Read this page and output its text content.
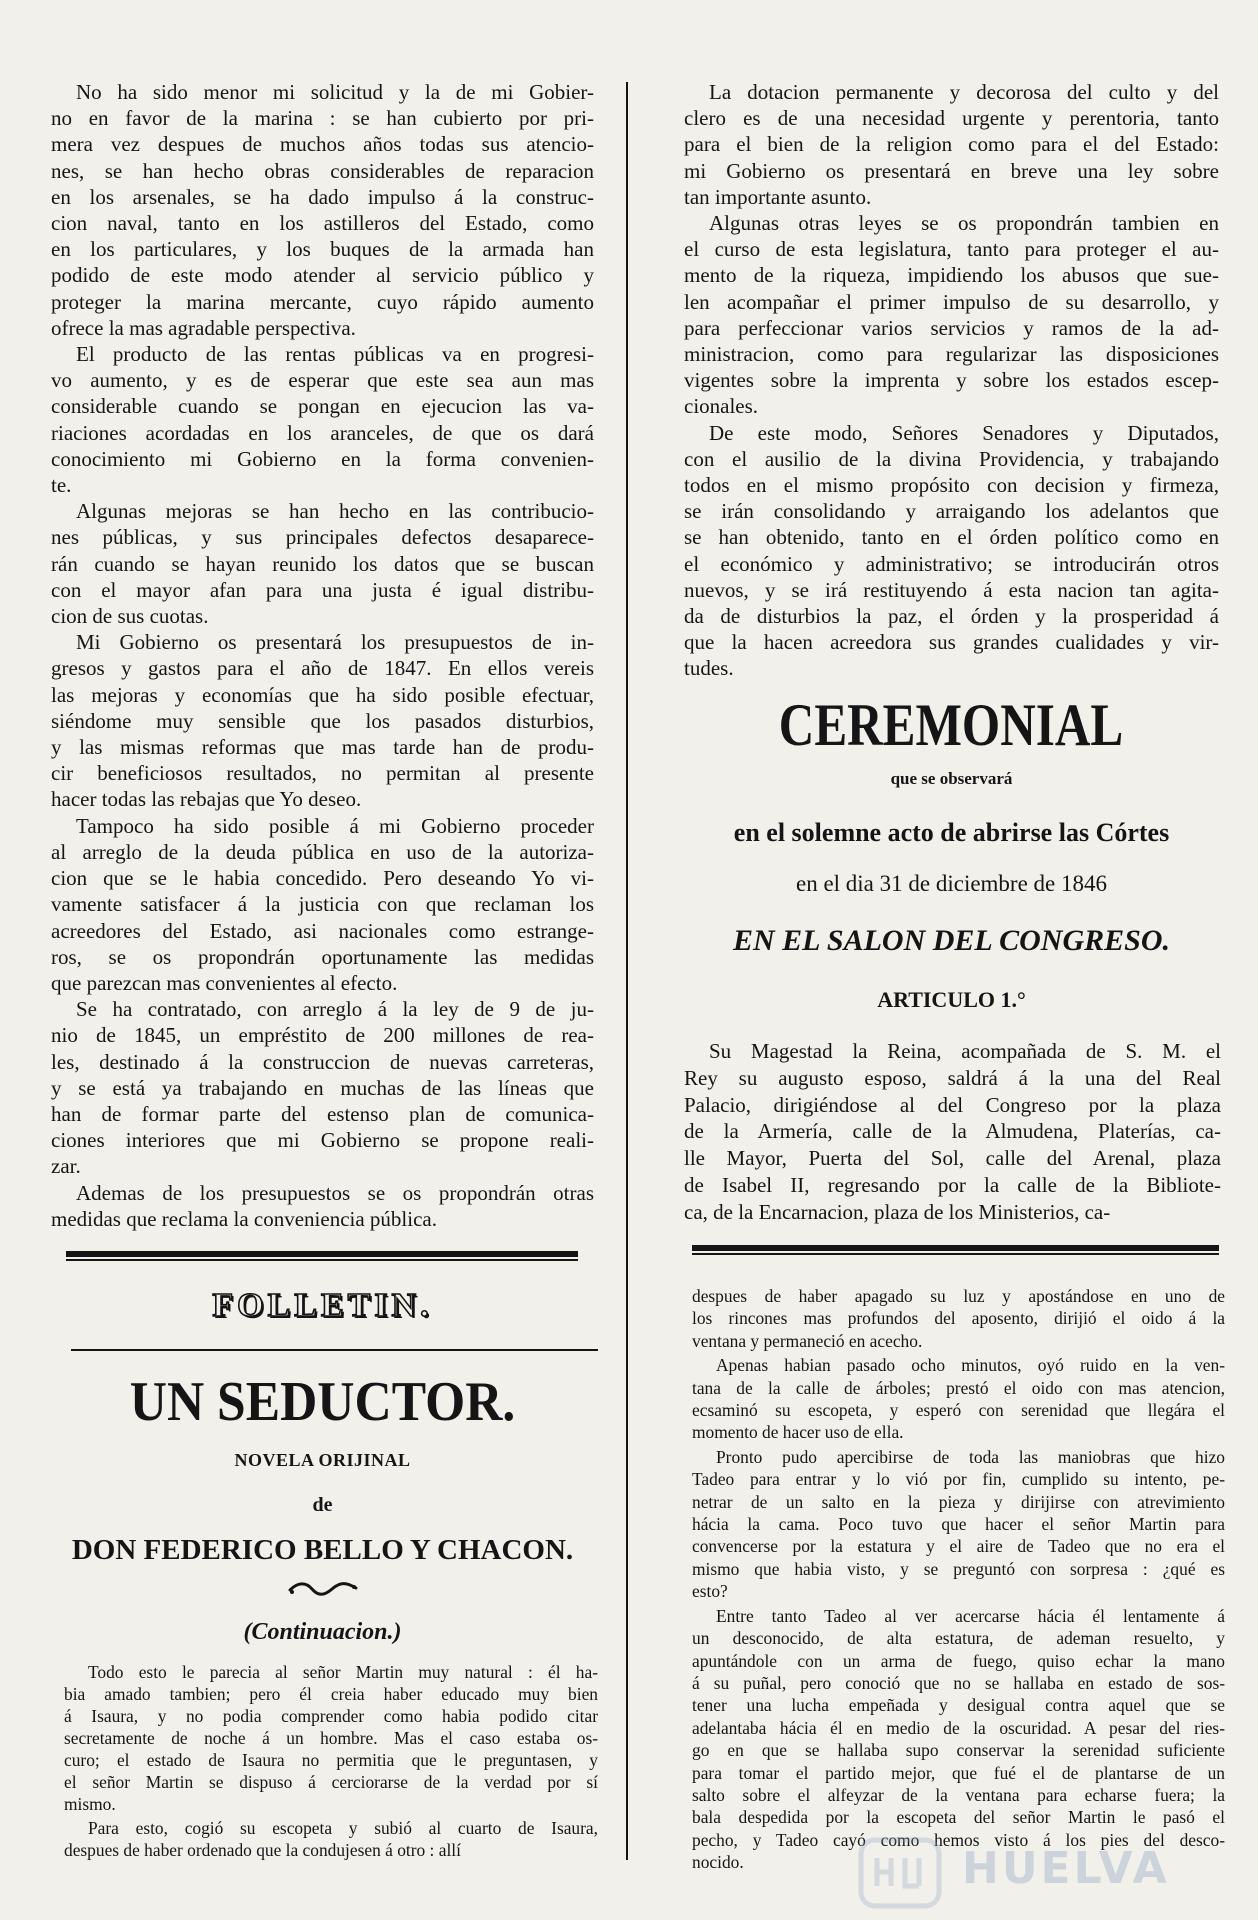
No ha sido menor mi solicitud y la de mi Gobier-
no en favor de la marina : se han cubierto por pri-
mera vez despues de muchos años todas sus atencio-
nes, se han hecho obras considerables de reparacion
en los arsenales, se ha dado impulso á la construc-
cion naval, tanto en los astilleros del Estado, como
en los particulares, y los buques de la armada han
podido de este modo atender al servicio público y
proteger la marina mercante, cuyo rápido aumento
ofrece la mas agradable perspectiva.
El producto de las rentas públicas va en progresi-
vo aumento, y es de esperar que este sea aun mas
considerable cuando se pongan en ejecucion las va-
riaciones acordadas en los aranceles, de que os dará
conocimiento mi Gobierno en la forma convenien-
te.
Algunas mejoras se han hecho en las contribucio-
nes públicas, y sus principales defectos desaparece-
rán cuando se hayan reunido los datos que se buscan
con el mayor afan para una justa é igual distribu-
cion de sus cuotas.
Mi Gobierno os presentará los presupuestos de in-
gresos y gastos para el año de 1847. En ellos vereis
las mejoras y economías que ha sido posible efectuar,
siéndome muy sensible que los pasados disturbios,
y las mismas reformas que mas tarde han de produ-
cir beneficiosos resultados, no permitan al presente
hacer todas las rebajas que Yo deseo.
Tampoco ha sido posible á mi Gobierno proceder
al arreglo de la deuda pública en uso de la autoriza-
cion que se le habia concedido. Pero deseando Yo vi-
vamente satisfacer á la justicia con que reclaman los
acreedores del Estado, asi nacionales como estrange-
ros, se os propondrán oportunamente las medidas
que parezcan mas convenientes al efecto.
Se ha contratado, con arreglo á la ley de 9 de ju-
nio de 1845, un empréstito de 200 millones de rea-
les, destinado á la construccion de nuevas carreteras,
y se está ya trabajando en muchas de las líneas que
han de formar parte del estenso plan de comunica-
ciones interiores que mi Gobierno se propone reali-
zar.
Ademas de los presupuestos se os propondrán otras
medidas que reclama la conveniencia pública.
La dotacion permanente y decorosa del culto y del
clero es de una necesidad urgente y perentoria, tanto
para el bien de la religion como para el del Estado:
mi Gobierno os presentará en breve una ley sobre
tan importante asunto.
Algunas otras leyes se os propondrán tambien en
el curso de esta legislatura, tanto para proteger el au-
mento de la riqueza, impidiendo los abusos que sue-
len acompañar el primer impulso de su desarrollo, y
para perfeccionar varios servicios y ramos de la ad-
ministracion, como para regularizar las disposiciones
vigentes sobre la imprenta y sobre los estados escep-
cionales.
De este modo, Señores Senadores y Diputados,
con el ausilio de la divina Providencia, y trabajando
todos en el mismo propósito con decision y firmeza,
se irán consolidando y arraigando los adelantos que
se han obtenido, tanto en el órden político como en
el económico y administrativo; se introducirán otros
nuevos, y se irá restituyendo á esta nacion tan agita-
da de disturbios la paz, el órden y la prosperidad á
que la hacen acreedora sus grandes cualidades y vir-
tudes.
CEREMONIAL
que se observará
en el solemne acto de abrirse las Córtes
en el dia 31 de diciembre de 1846
EN EL SALON DEL CONGRESO.
ARTICULO 1.°
Su Magestad la Reina, acompañada de S. M. el
Rey su augusto esposo, saldrá á la una del Real
Palacio, dirigiéndose al del Congreso por la plaza
de la Armería, calle de la Almudena, Platerías, ca-
lle Mayor, Puerta del Sol, calle del Arenal, plaza
de Isabel II, regresando por la calle de la Bibliote-
ca, de la Encarnacion, plaza de los Ministerios, ca-
FOLLETIN.
UN SEDUCTOR.
NOVELA ORIJINAL
de
DON FEDERICO BELLO Y CHACON.
(Continuacion.)
Todo esto le parecia al señor Martin muy natural : él ha-
bia amado tambien; pero él creia haber educado muy bien
á Isaura, y no podia comprender como habia podido citar
secretamente de noche á un hombre. Mas el caso estaba os-
curo; el estado de Isaura no permitia que le preguntasen, y
el señor Martin se dispuso á cerciorarse de la verdad por sí
mismo.
Para esto, cogió su escopeta y subió al cuarto de Isaura,
despues de haber ordenado que la condujesen á otro : allí
despues de haber apagado su luz y apostándose en uno de
los rincones mas profundos del aposento, dirijió el oido á la
ventana y permaneció en acecho.
Apenas habian pasado ocho minutos, oyó ruido en la ven-
tana de la calle de árboles; prestó el oido con mas atencion,
ecsaminó su escopeta, y esperó con serenidad que llegára el
momento de hacer uso de ella.
Pronto pudo apercibirse de toda las maniobras que hizo
Tadeo para entrar y lo vió por fin, cumplido su intento, pe-
netrar de un salto en la pieza y dirijirse con atrevimiento
hácia la cama. Poco tuvo que hacer el señor Martin para
convencerse por la estatura y el aire de Tadeo que no era el
mismo que habia visto, y se preguntó con sorpresa : ¿qué es
esto?
Entre tanto Tadeo al ver acercarse hácia él lentamente á
un desconocido, de alta estatura, de ademan resuelto, y
apuntándole con un arma de fuego, quiso echar la mano
á su puñal, pero conoció que no se hallaba en estado de sos-
tener una lucha empeñada y desigual contra aquel que se
adelantaba hácia él en medio de la oscuridad. A pesar del ries-
go en que se hallaba supo conservar la serenidad suficiente
para tomar el partido mejor, que fué el de plantarse de un
salto sobre el alfeyzar de la ventana para echarse fuera; la
bala despedida por la escopeta del señor Martin le pasó el
pecho, y Tadeo cayó como hemos visto á los pies del desco-
nocido.	HUELVA
